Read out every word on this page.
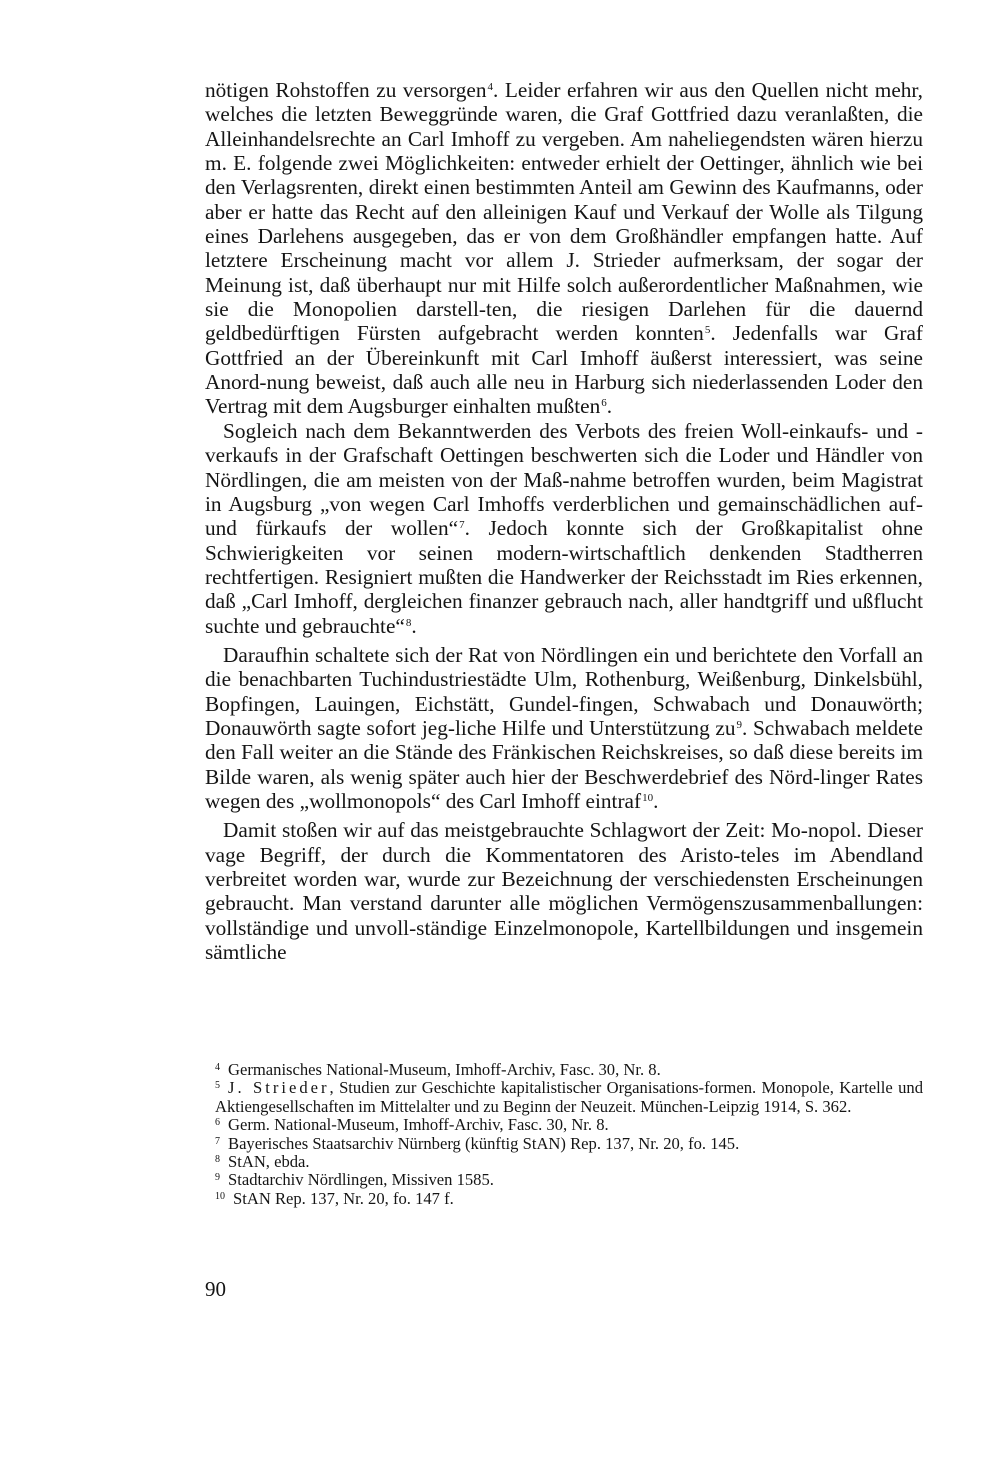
nötigen Rohstoffen zu versorgen$^4$. Leider erfahren wir aus den Quellen nicht mehr, welches die letzten Beweggründe waren, die Graf Gottfried dazu veranlaßten, die Alleinhandelsrechte an Carl Imhoff zu vergeben. Am naheliegendsten wären hierzu m. E. folgende zwei Möglichkeiten: entweder erhielt der Oettinger, ähnlich wie bei den Verlagsrenten, direkt einen bestimmten Anteil am Gewinn des Kaufmanns, oder aber er hatte das Recht auf den alleinigen Kauf und Verkauf der Wolle als Tilgung eines Darlehens ausgegeben, das er von dem Großhändler empfangen hatte. Auf letztere Erscheinung macht vor allem J. Strieder aufmerksam, der sogar der Meinung ist, daß überhaupt nur mit Hilfe solch außerordentlicher Maßnahmen, wie sie die Monopolien darstell-ten, die riesigen Darlehen für die dauernd geldbedürftigen Fürsten aufgebracht werden konnten$^5$. Jedenfalls war Graf Gottfried an der Übereinkunft mit Carl Imhoff äußerst interessiert, was seine Anord-nung beweist, daß auch alle neu in Harburg sich niederlassenden Loder den Vertrag mit dem Augsburger einhalten mußten$^6$.

Sogleich nach dem Bekanntwerden des Verbots des freien Woll-einkaufs- und -verkaufs in der Grafschaft Oettingen beschwerten sich die Loder und Händler von Nördlingen, die am meisten von der Maß-nahme betroffen wurden, beim Magistrat in Augsburg „von wegen Carl Imhoffs verderblichen und gemainschädlichen auf- und fürkaufs der wollen“$^7$. Jedoch konnte sich der Großkapitalist ohne Schwierigkeiten vor seinen modern-wirtschaftlich denkenden Stadtherren rechtfertigen. Resigniert mußten die Handwerker der Reichsstadt im Ries erkennen, daß „Carl Imhoff, dergleichen finanzer gebrauch nach, aller handtgriff und ußflucht suchte und gebrauchte“$^8$.

Daraufhin schaltete sich der Rat von Nördlingen ein und berichtete den Vorfall an die benachbarten Tuchindustriestädte Ulm, Rothenburg, Weißenburg, Dinkelsbühl, Bopfingen, Lauingen, Eichstätt, Gundel-fingen, Schwabach und Donauwörth; Donauwörth sagte sofort jeg-liche Hilfe und Unterstützung zu$^9$. Schwabach meldete den Fall weiter an die Stände des Fränkischen Reichskreises, so daß diese bereits im Bilde waren, als wenig später auch hier der Beschwerdebrief des Nörd-linger Rates wegen des „wollmonopols“ des Carl Imhoff eintraf$^{10}$.

Damit stoßen wir auf das meistgebrauchte Schlagwort der Zeit: Mo-nopol. Dieser vage Begriff, der durch die Kommentatoren des Aristo-teles im Abendland verbreitet worden war, wurde zur Bezeichnung der verschiedensten Erscheinungen gebraucht. Man verstand darunter alle möglichen Vermögenszusammenballungen: vollständige und unvoll-ständige Einzelmonopole, Kartellbildungen und insgemein sämtliche

$^4$ Germanisches National-Museum, Imhoff-Archiv, Fasc. 30, Nr. 8.

$^5$ J. Strieder, Studien zur Geschichte kapitalistischer Organisations-formen. Monopole, Kartelle und Aktiengesellschaften im Mittelalter und zu Beginn der Neuzeit. München-Leipzig 1914, S. 362.

$^6$ Germ. National-Museum, Imhoff-Archiv, Fasc. 30, Nr. 8.

$^7$ Bayerisches Staatsarchiv Nürnberg (künftig StAN) Rep. 137, Nr. 20, fo. 145.

$^8$ StAN, ebda.

$^9$ Stadtarchiv Nördlingen, Missiven 1585.

$^{10}$ StAN Rep. 137, Nr. 20, fo. 147 f.

90
